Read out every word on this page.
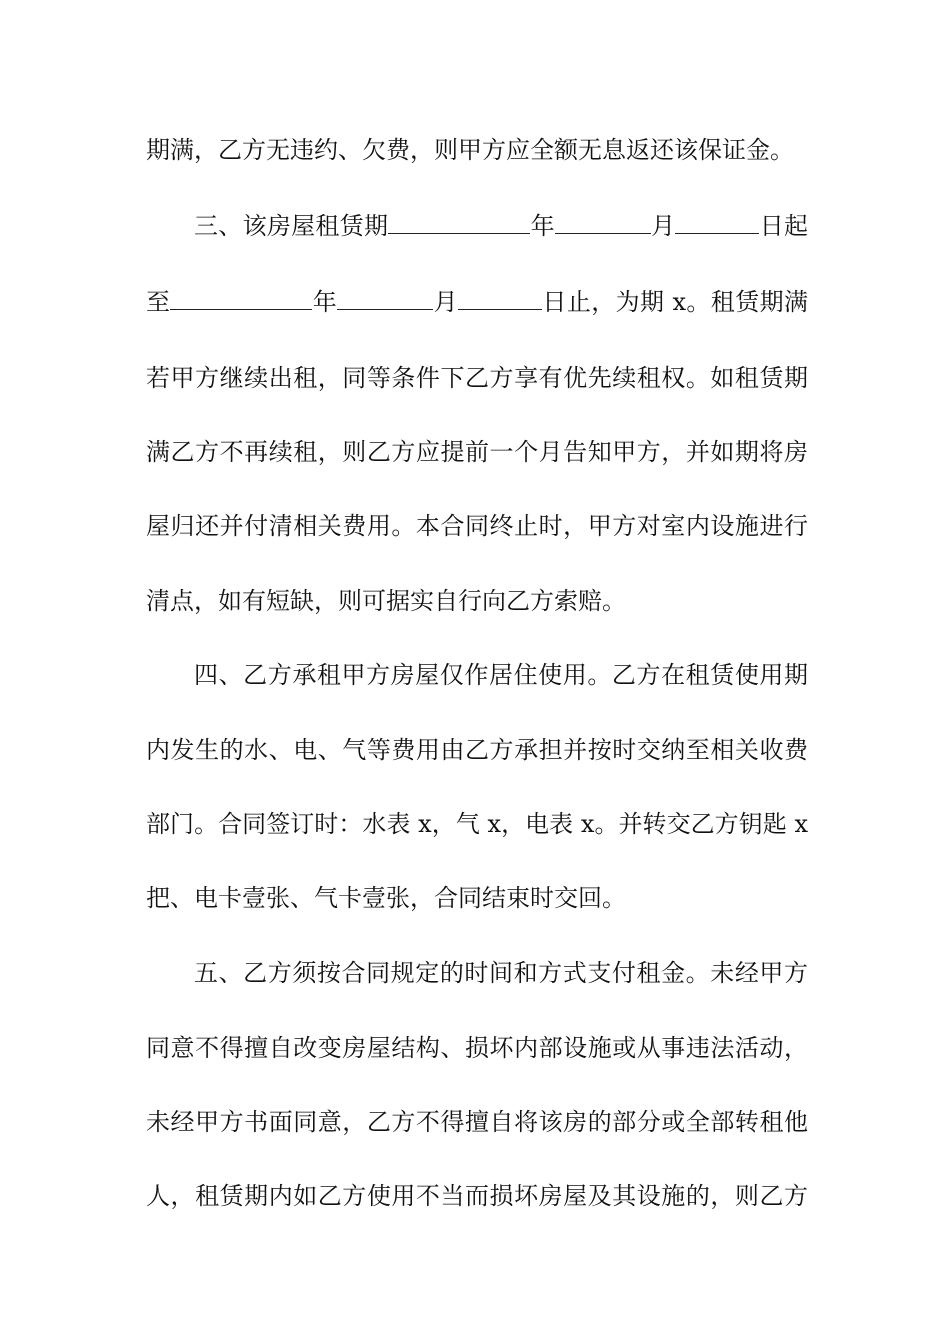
期满，乙方无违约、欠费，则甲方应全额无息返还该保证金。
三、该房屋租赁期	年	月	日起
至	年	月	日止，为期 x。租赁期满
若甲方继续出租，同等条件下乙方享有优先续租权。如租赁期
满乙方不再续租，则乙方应提前一个月告知甲方，并如期将房
屋归还并付清相关费用。本合同终止时，甲方对室内设施进行
清点，如有短缺，则可据实自行向乙方索赔。
四、乙方承租甲方房屋仅作居住使用。乙方在租赁使用期
内发生的水、电、气等费用由乙方承担并按时交纳至相关收费
部门。合同签订时：水表 x，气 x，电表 x。并转交乙方钥匙 x
把、电卡壹张、气卡壹张，合同结束时交回。
五、乙方须按合同规定的时间和方式支付租金。未经甲方
同意不得擅自改变房屋结构、损坏内部设施或从事违法活动，
未经甲方书面同意，乙方不得擅自将该房的部分或全部转租他
人，租赁期内如乙方使用不当而损坏房屋及其设施的，则乙方
